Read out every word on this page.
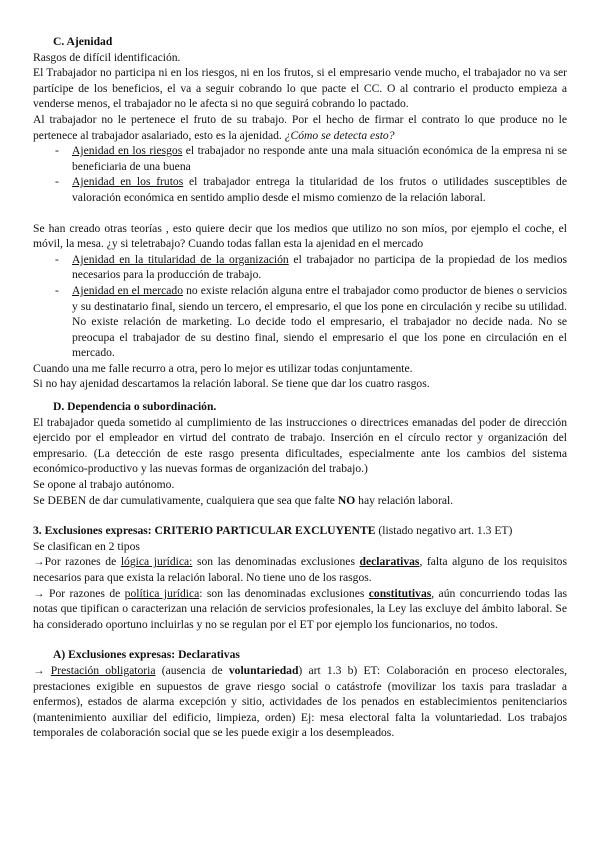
C. Ajenidad

Rasgos de difícil identificación.

El Trabajador no participa ni en los riesgos, ni en los frutos, si el empresario vende mucho, el trabajador no va ser partícipe de los beneficios, el va a seguir cobrando lo que pacte el CC. O al contrario el producto empieza a venderse menos, el trabajador no le afecta si no que seguirá cobrando lo pactado.

Al trabajador no le pertenece el fruto de su trabajo. Por el hecho de firmar el contrato lo que produce no le pertenece al trabajador asalariado, esto es la ajenidad. ¿Cómo se detecta esto?

- Ajenidad en los riesgos el trabajador no responde ante una mala situación económica de la empresa ni se beneficiaria de una buena
- Ajenidad en los frutos el trabajador entrega la titularidad de los frutos o utilidades susceptibles de valoración económica en sentido amplio desde el mismo comienzo de la relación laboral.

Se han creado otras teorías , esto quiere decir que los medios que utilizo no son míos, por ejemplo el coche, el móvil, la mesa. ¿y si teletrabajo? Cuando todas fallan esta la ajenidad en el mercado

- Ajenidad en la titularidad de la organización el trabajador no participa de la propiedad de los medios necesarios para la producción de trabajo.
- Ajenidad en el mercado no existe relación alguna entre el trabajador como productor de bienes o servicios y su destinatario final, siendo un tercero, el empresario, el que los pone en circulación y recibe su utilidad. No existe relación de marketing. Lo decide todo el empresario, el trabajador no decide nada. No se preocupa el trabajador de su destino final, siendo el empresario el que los pone en circulación en el mercado.

Cuando una me falle recurro a otra, pero lo mejor es utilizar todas conjuntamente.

Si no hay ajenidad descartamos la relación laboral. Se tiene que dar los cuatro rasgos.

D. Dependencia o subordinación.

El trabajador queda sometido al cumplimiento de las instrucciones o directrices emanadas del poder de dirección ejercido por el empleador en virtud del contrato de trabajo. Inserción en el círculo rector y organización del empresario. (La detección de este rasgo presenta dificultades, especialmente ante los cambios del sistema económico-productivo y las nuevas formas de organización del trabajo.)

Se opone al trabajo autónomo.

Se DEBEN de dar cumulativamente, cualquiera que sea que falte NO hay relación laboral.

3. Exclusiones expresas: CRITERIO PARTICULAR EXCLUYENTE (listado negativo art. 1.3 ET)

Se clasifican en 2 tipos

→Por razones de lógica jurídica: son las denominadas exclusiones declarativas, falta alguno de los requisitos necesarios para que exista la relación laboral. No tiene uno de los rasgos.

→ Por razones de política jurídica: son las denominadas exclusiones constitutivas, aún concurriendo todas las notas que tipifican o caracterizan una relación de servicios profesionales, la Ley las excluye del ámbito laboral. Se ha considerado oportuno incluirlas y no se regulan por el ET por ejemplo los funcionarios, no todos.

A) Exclusiones expresas: Declarativas

→ Prestación obligatoria (ausencia de voluntariedad) art 1.3 b) ET: Colaboración en proceso electorales, prestaciones exigible en supuestos de grave riesgo social o catástrofe (movilizar los taxis para trasladar a enfermos), estados de alarma excepción y sitio, actividades de los penados en establecimientos penitenciarios (mantenimiento auxiliar del edificio, limpieza, orden) Ej: mesa electoral falta la voluntariedad. Los trabajos temporales de colaboración social que se les puede exigir a los desempleados.
